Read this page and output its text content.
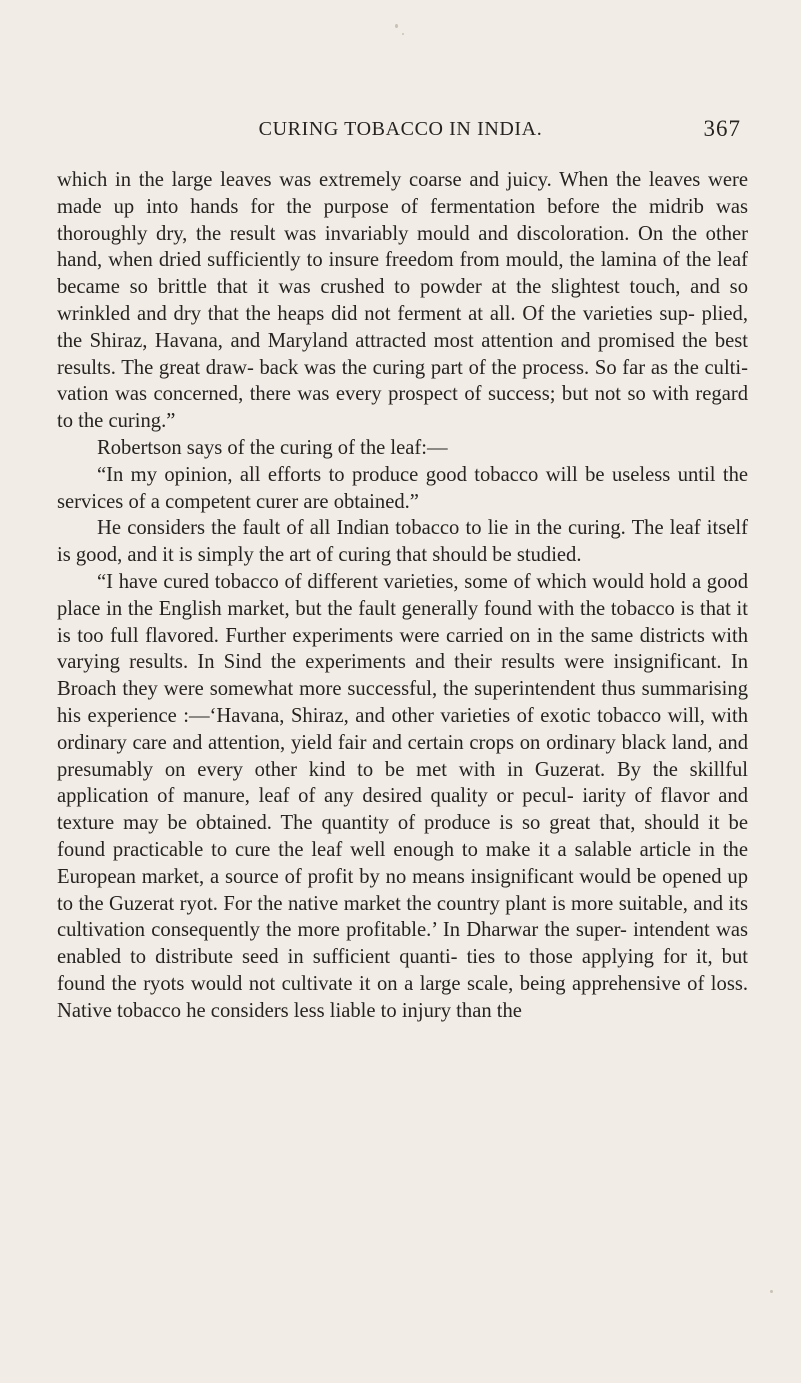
CURING TOBACCO IN INDIA.	367

which in the large leaves was extremely coarse and juicy. When the leaves were made up into hands for the purpose of fermentation before the midrib was thoroughly dry, the result was invariably mould and discoloration. On the other hand, when dried sufficiently to insure freedom from mould, the lamina of the leaf became so brittle that it was crushed to powder at the slightest touch, and so wrinkled and dry that the heaps did not ferment at all. Of the varieties sup- plied, the Shiraz, Havana, and Maryland attracted most attention and promised the best results. The great draw- back was the curing part of the process. So far as the culti- vation was concerned, there was every prospect of success; but not so with regard to the curing.”

Robertson says of the curing of the leaf:—

“In my opinion, all efforts to produce good tobacco will be useless until the services of a competent curer are obtained.”

He considers the fault of all Indian tobacco to lie in the curing. The leaf itself is good, and it is simply the art of curing that should be studied.

“I have cured tobacco of different varieties, some of which would hold a good place in the English market, but the fault generally found with the tobacco is that it is too full flavored. Further experiments were carried on in the same districts with varying results. In Sind the experiments and their results were insignificant. In Broach they were somewhat more successful, the superintendent thus summarising his experience :—‘Havana, Shiraz, and other varieties of exotic tobacco will, with ordinary care and attention, yield fair and certain crops on ordinary black land, and presumably on every other kind to be met with in Guzerat. By the skillful application of manure, leaf of any desired quality or pecul- iarity of flavor and texture may be obtained. The quantity of produce is so great that, should it be found practicable to cure the leaf well enough to make it a salable article in the European market, a source of profit by no means insignificant would be opened up to the Guzerat ryot. For the native market the country plant is more suitable, and its cultivation consequently the more profitable.’ In Dharwar the super- intendent was enabled to distribute seed in sufficient quanti- ties to those applying for it, but found the ryots would not cultivate it on a large scale, being apprehensive of loss. Native tobacco he considers less liable to injury than the
